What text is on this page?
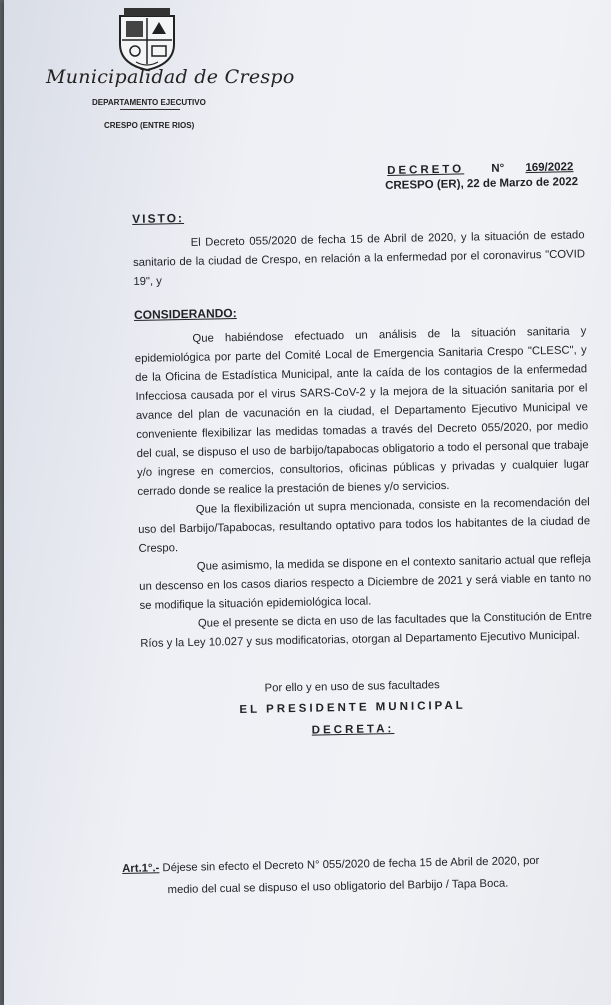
Municipalidad de Crespo
DEPARTAMENTO EJECUTIVO
CRESPO (ENTRE RIOS)
DECRETO N° 169/2022
CRESPO (ER), 22 de Marzo de 2022
VISTO:

El Decreto 055/2020 de fecha 15 de Abril de 2020, y la situación de estado sanitario de la ciudad de Crespo, en relación a la enfermedad por el coronavirus "COVID 19", y

CONSIDERANDO:

Que habiéndose efectuado un análisis de la situación sanitaria y epidemiológica por parte del Comité Local de Emergencia Sanitaria Crespo "CLESC", y de la Oficina de Estadística Municipal, ante la caída de los contagios de la enfermedad Infecciosa causada por el virus SARS-CoV-2 y la mejora de la situación sanitaria por el avance del plan de vacunación en la ciudad, el Departamento Ejecutivo Municipal ve conveniente flexibilizar las medidas tomadas a través del Decreto 055/2020, por medio del cual, se dispuso el uso de barbijo/tapabocas obligatorio a todo el personal que trabaje y/o ingrese en comercios, consultorios, oficinas públicas y privadas y cualquier lugar cerrado donde se realice la prestación de bienes y/o servicios.

Que la flexibilización ut supra mencionada, consiste en la recomendación del uso del Barbijo/Tapabocas, resultando optativo para todos los habitantes de la ciudad de Crespo.

Que asimismo, la medida se dispone en el contexto sanitario actual que refleja un descenso en los casos diarios respecto a Diciembre de 2021 y será viable en tanto no se modifique la situación epidemiológica local.

Que el presente se dicta en uso de las facultades que la Constitución de Entre Ríos y la Ley 10.027 y sus modificatorias, otorgan al Departamento Ejecutivo Municipal.

Por ello y en uso de sus facultades
EL PRESIDENTE MUNICIPAL
DECRETA:
Art.1°.- Déjese sin efecto el Decreto N° 055/2020 de fecha 15 de Abril de 2020, por
medio del cual se dispuso el uso obligatorio del Barbijo / Tapa Boca.
